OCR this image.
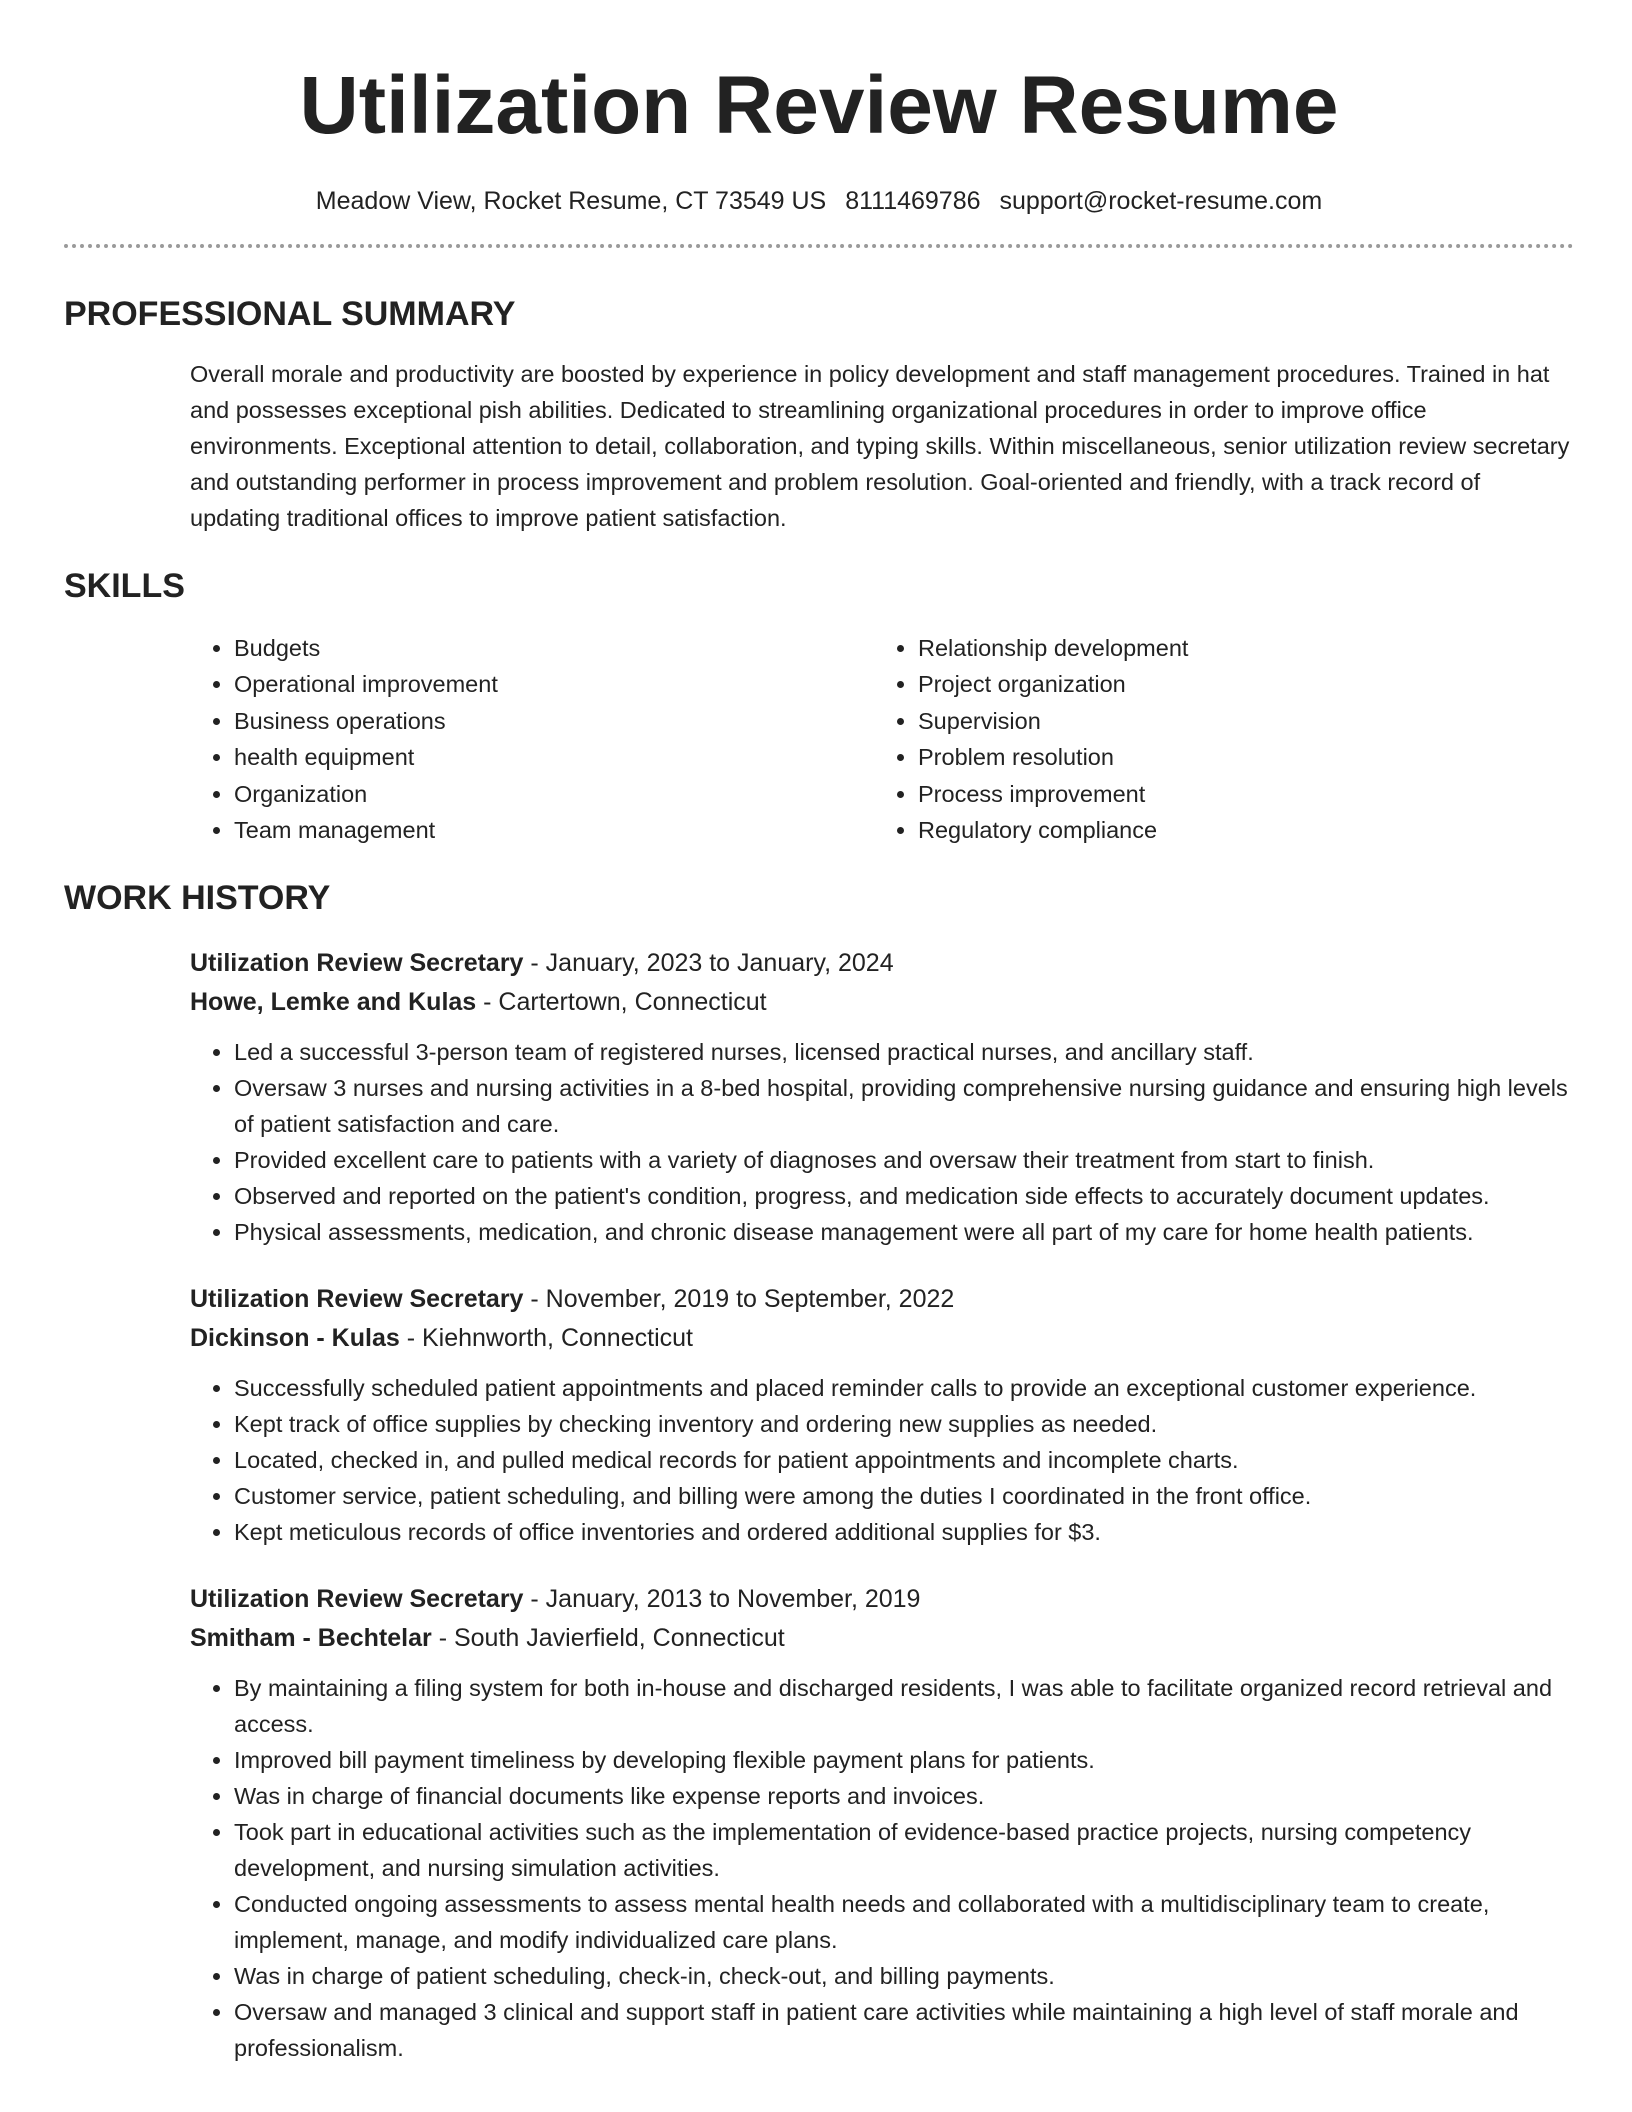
Utilization Review Resume
Meadow View, Rocket Resume, CT 73549 US 8111469786 support@rocket-resume.com
PROFESSIONAL SUMMARY

Overall morale and productivity are boosted by experience in policy development and staff management procedures. Trained in hat and possesses exceptional pish abilities. Dedicated to streamlining organizational procedures in order to improve office environments. Exceptional attention to detail, collaboration, and typing skills. Within miscellaneous, senior utilization review secretary and outstanding performer in process improvement and problem resolution. Goal-oriented and friendly, with a track record of updating traditional offices to improve patient satisfaction.

SKILLS
• Budgets
• Operational improvement
• Business operations
• health equipment
• Organization
• Team management
• Relationship development
• Project organization
• Supervision
• Problem resolution
• Process improvement
• Regulatory compliance
WORK HISTORY
Utilization Review Secretary - January, 2023 to January, 2024
Howe, Lemke and Kulas - Cartertown, Connecticut
• Led a successful 3-person team of registered nurses, licensed practical nurses, and ancillary staff.
• Oversaw 3 nurses and nursing activities in a 8-bed hospital, providing comprehensive nursing guidance and ensuring high levels of patient satisfaction and care.
• Provided excellent care to patients with a variety of diagnoses and oversaw their treatment from start to finish.
• Observed and reported on the patient's condition, progress, and medication side effects to accurately document updates.
• Physical assessments, medication, and chronic disease management were all part of my care for home health patients.
Utilization Review Secretary - November, 2019 to September, 2022
Dickinson - Kulas - Kiehnworth, Connecticut
• Successfully scheduled patient appointments and placed reminder calls to provide an exceptional customer experience.
• Kept track of office supplies by checking inventory and ordering new supplies as needed.
• Located, checked in, and pulled medical records for patient appointments and incomplete charts.
• Customer service, patient scheduling, and billing were among the duties I coordinated in the front office.
• Kept meticulous records of office inventories and ordered additional supplies for $3.
Utilization Review Secretary - January, 2013 to November, 2019
Smitham - Bechtelar - South Javierfield, Connecticut
• By maintaining a filing system for both in-house and discharged residents, I was able to facilitate organized record retrieval and access.
• Improved bill payment timeliness by developing flexible payment plans for patients.
• Was in charge of financial documents like expense reports and invoices.
• Took part in educational activities such as the implementation of evidence-based practice projects, nursing competency development, and nursing simulation activities.
• Conducted ongoing assessments to assess mental health needs and collaborated with a multidisciplinary team to create, implement, manage, and modify individualized care plans.
• Was in charge of patient scheduling, check-in, check-out, and billing payments.
• Oversaw and managed 3 clinical and support staff in patient care activities while maintaining a high level of staff morale and professionalism.
